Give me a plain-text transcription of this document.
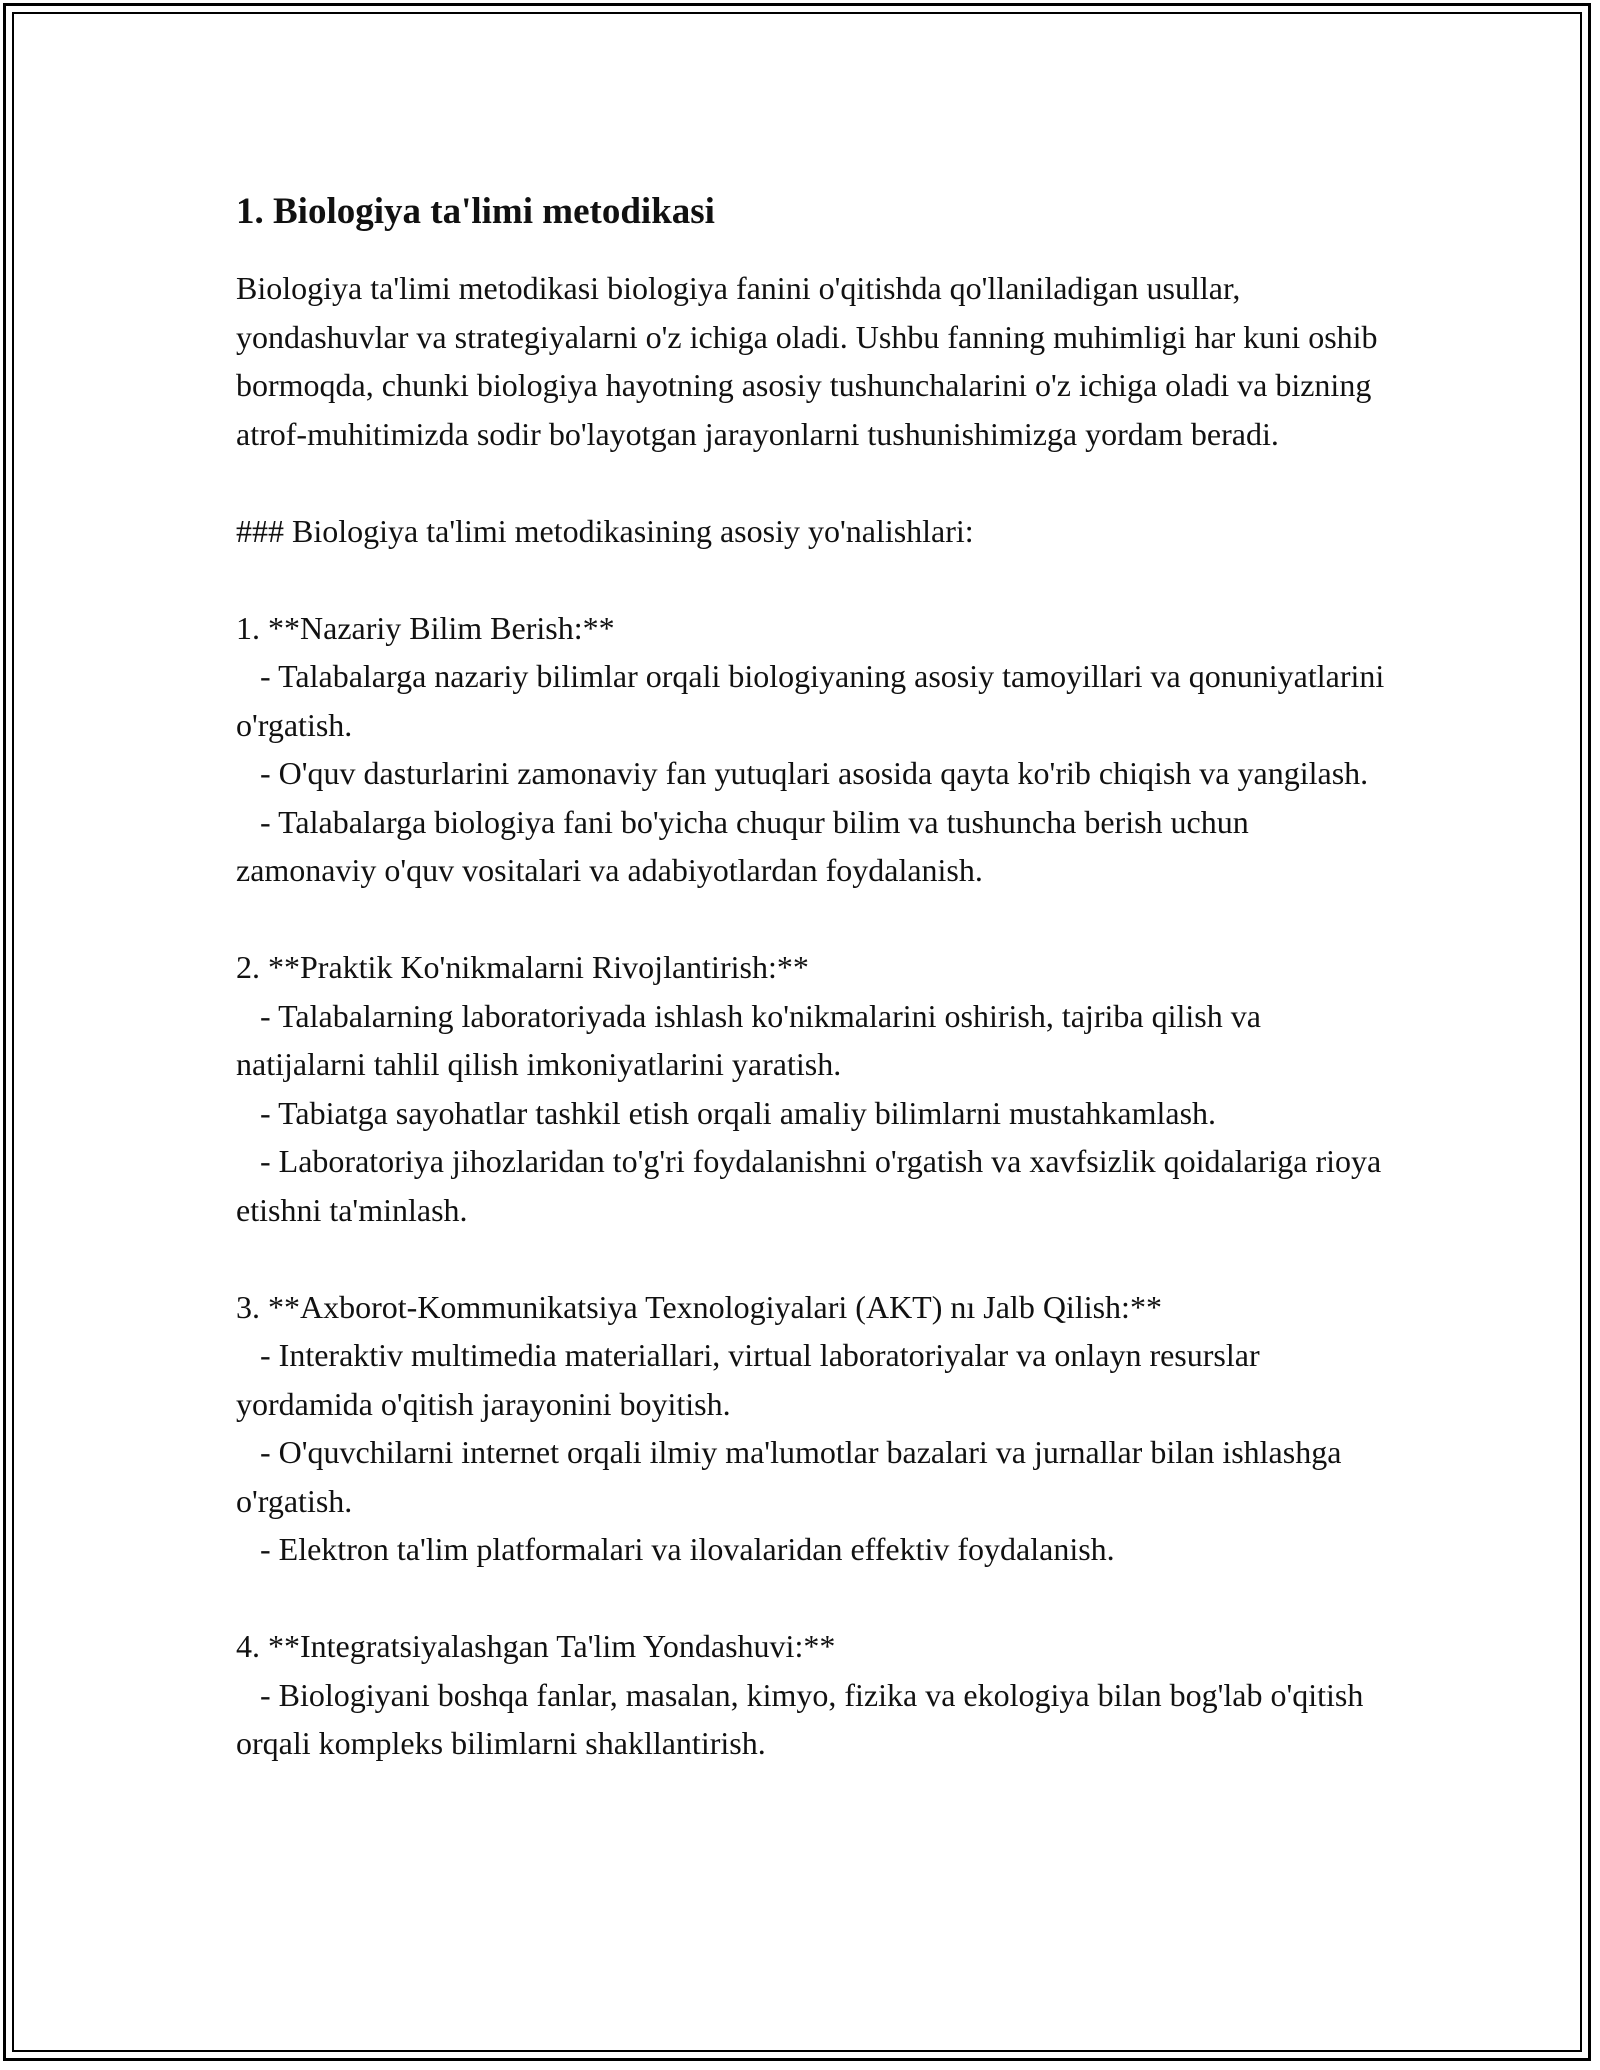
1. Biologiya ta'limi metodikasi

Biologiya ta'limi metodikasi biologiya fanini o'qitishda qo'llaniladigan usullar, yondashuvlar va strategiyalarni o'z ichiga oladi. Ushbu fanning muhimligi har kuni oshib bormoqda, chunki biologiya hayotning asosiy tushunchalarini o'z ichiga oladi va bizning atrof-muhitimizda sodir bo'layotgan jarayonlarni tushunishimizga yordam beradi.

### Biologiya ta'limi metodikasining asosiy yo'nalishlari:

1. **Nazariy Bilim Berish:**

- Talabalarga nazariy bilimlar orqali biologiyaning asosiy tamoyillari va qonuniyatlarini o'rgatish.

- O'quv dasturlarini zamonaviy fan yutuqlari asosida qayta ko'rib chiqish va yangilash.

- Talabalarga biologiya fani bo'yicha chuqur bilim va tushuncha berish uchun zamonaviy o'quv vositalari va adabiyotlardan foydalanish.

2. **Praktik Ko'nikmalarni Rivojlantirish:**

- Talabalarning laboratoriyada ishlash ko'nikmalarini oshirish, tajriba qilish va natijalarni tahlil qilish imkoniyatlarini yaratish.

- Tabiatga sayohatlar tashkil etish orqali amaliy bilimlarni mustahkamlash.

- Laboratoriya jihozlaridan to'g'ri foydalanishni o'rgatish va xavfsizlik qoidalariga rioya etishni ta'minlash.

3. **Axborot-Kommunikatsiya Texnologiyalari (AKT) nı Jalb Qilish:**

- Interaktiv multimedia materiallari, virtual laboratoriyalar va onlayn resurslar yordamida o'qitish jarayonini boyitish.

- O'quvchilarni internet orqali ilmiy ma'lumotlar bazalari va jurnallar bilan ishlashga o'rgatish.

- Elektron ta'lim platformalari va ilovalaridan effektiv foydalanish.

4. **Integratsiyalashgan Ta'lim Yondashuvi:**

- Biologiyani boshqa fanlar, masalan, kimyo, fizika va ekologiya bilan bog'lab o'qitish orqali kompleks bilimlarni shakllantirish.
